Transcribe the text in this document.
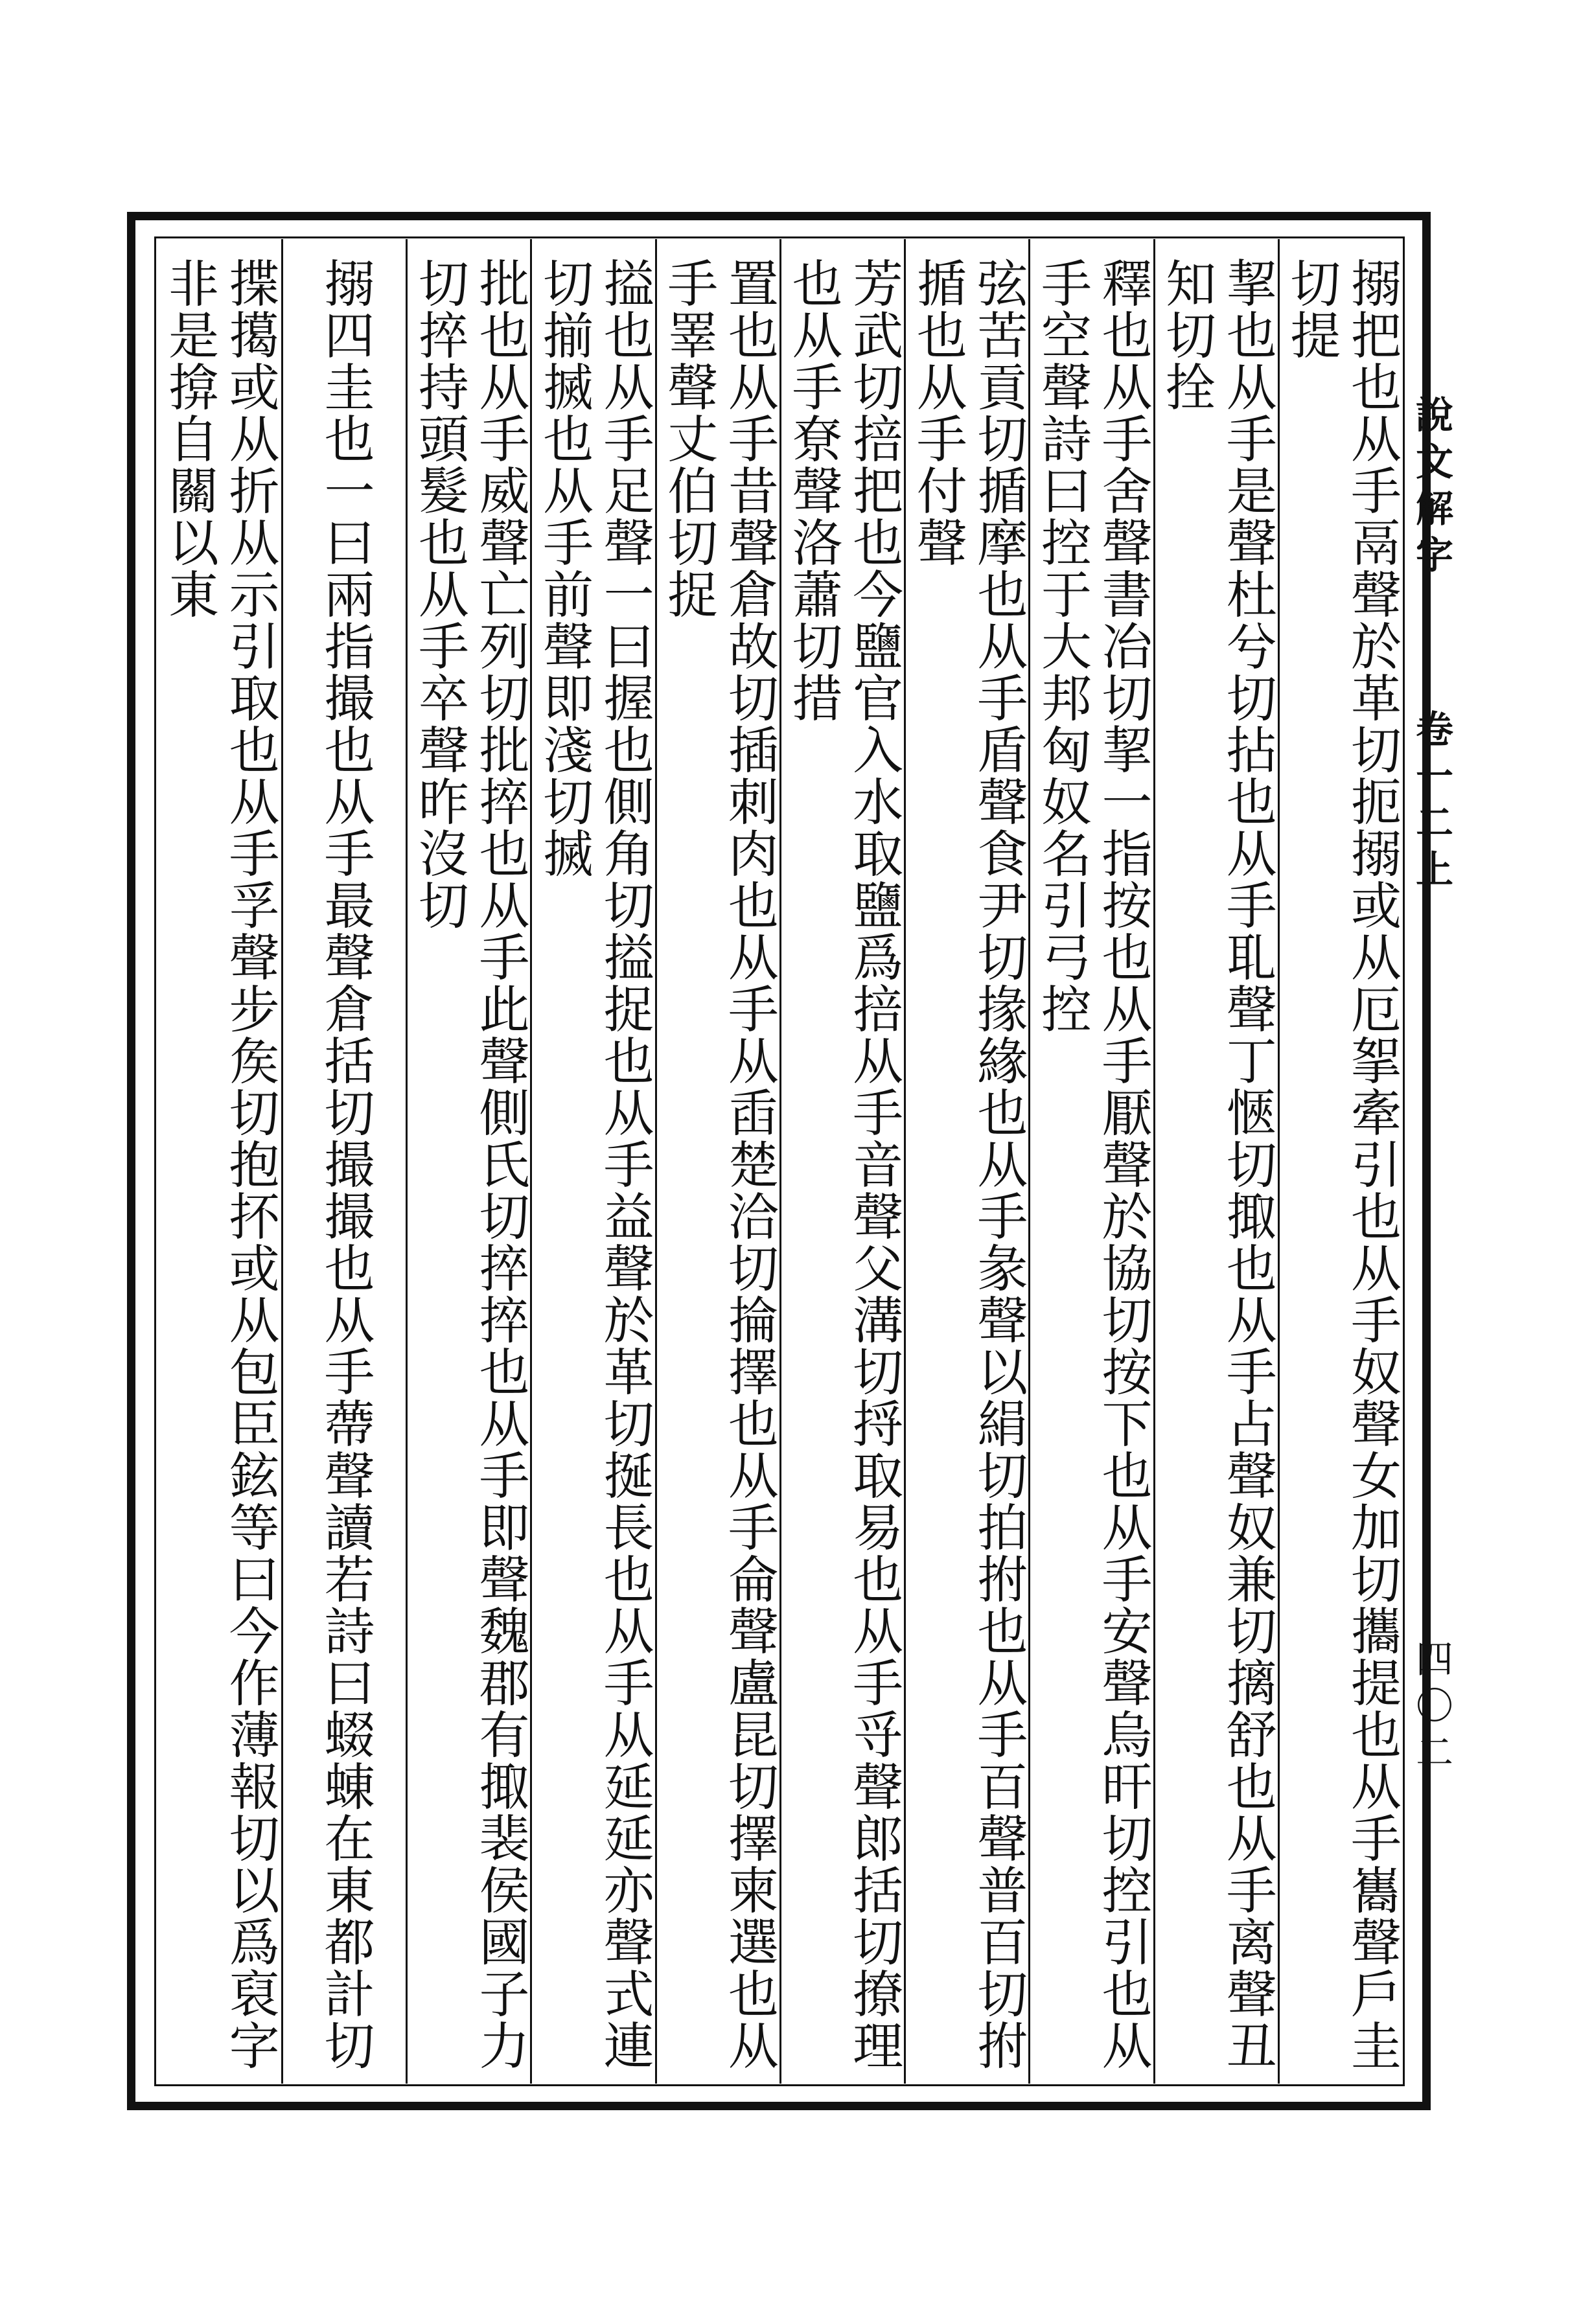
說文解字
卷一二上
四〇二
搦把也从手鬲聲於革切扼搦或从厄挐牽引也从手奴聲女加切攜提也从手巂聲戶圭切提
挈也从手是聲杜兮切拈也从手耴聲丁愜切掫也从手占聲奴兼切摛舒也从手离聲丑知切拴
釋也从手舍聲書冶切挈一指按也从手厭聲於協切按下也从手安聲烏旰切控引也从手空聲詩曰控于大邦匈奴名引弓控
弦苦貢切揗摩也从手盾聲食尹切掾緣也从手彖聲以絹切拍拊也从手百聲普百切拊揗也从手付聲
芳武切掊把也今鹽官入水取鹽爲掊从手音聲父溝切捋取易也从手寽聲郎括切撩理也从手尞聲洛蕭切措
置也从手昔聲倉故切插刺肉也从手从臿楚洽切掄擇也从手侖聲盧昆切擇柬選也从手睪聲丈伯切捉
搤也从手足聲一曰握也側角切搤捉也从手益聲於革切挻長也从手从延延亦聲式連切揃搣也从手前聲即淺切搣
批也从手威聲亡列切批捽也从手此聲側氏切捽捽也从手即聲魏郡有掫裴侯國子力切捽持頭髮也从手卒聲昨沒切
搦四圭也一曰兩指撮也从手最聲倉括切撮撮也从手蔕聲讀若詩曰蝃蝀在東都計切
揲擖或从折从示引取也从手孚聲步矦切抱抔或从包臣鉉等曰今作薄報切以爲裒字非是揜自關以東
